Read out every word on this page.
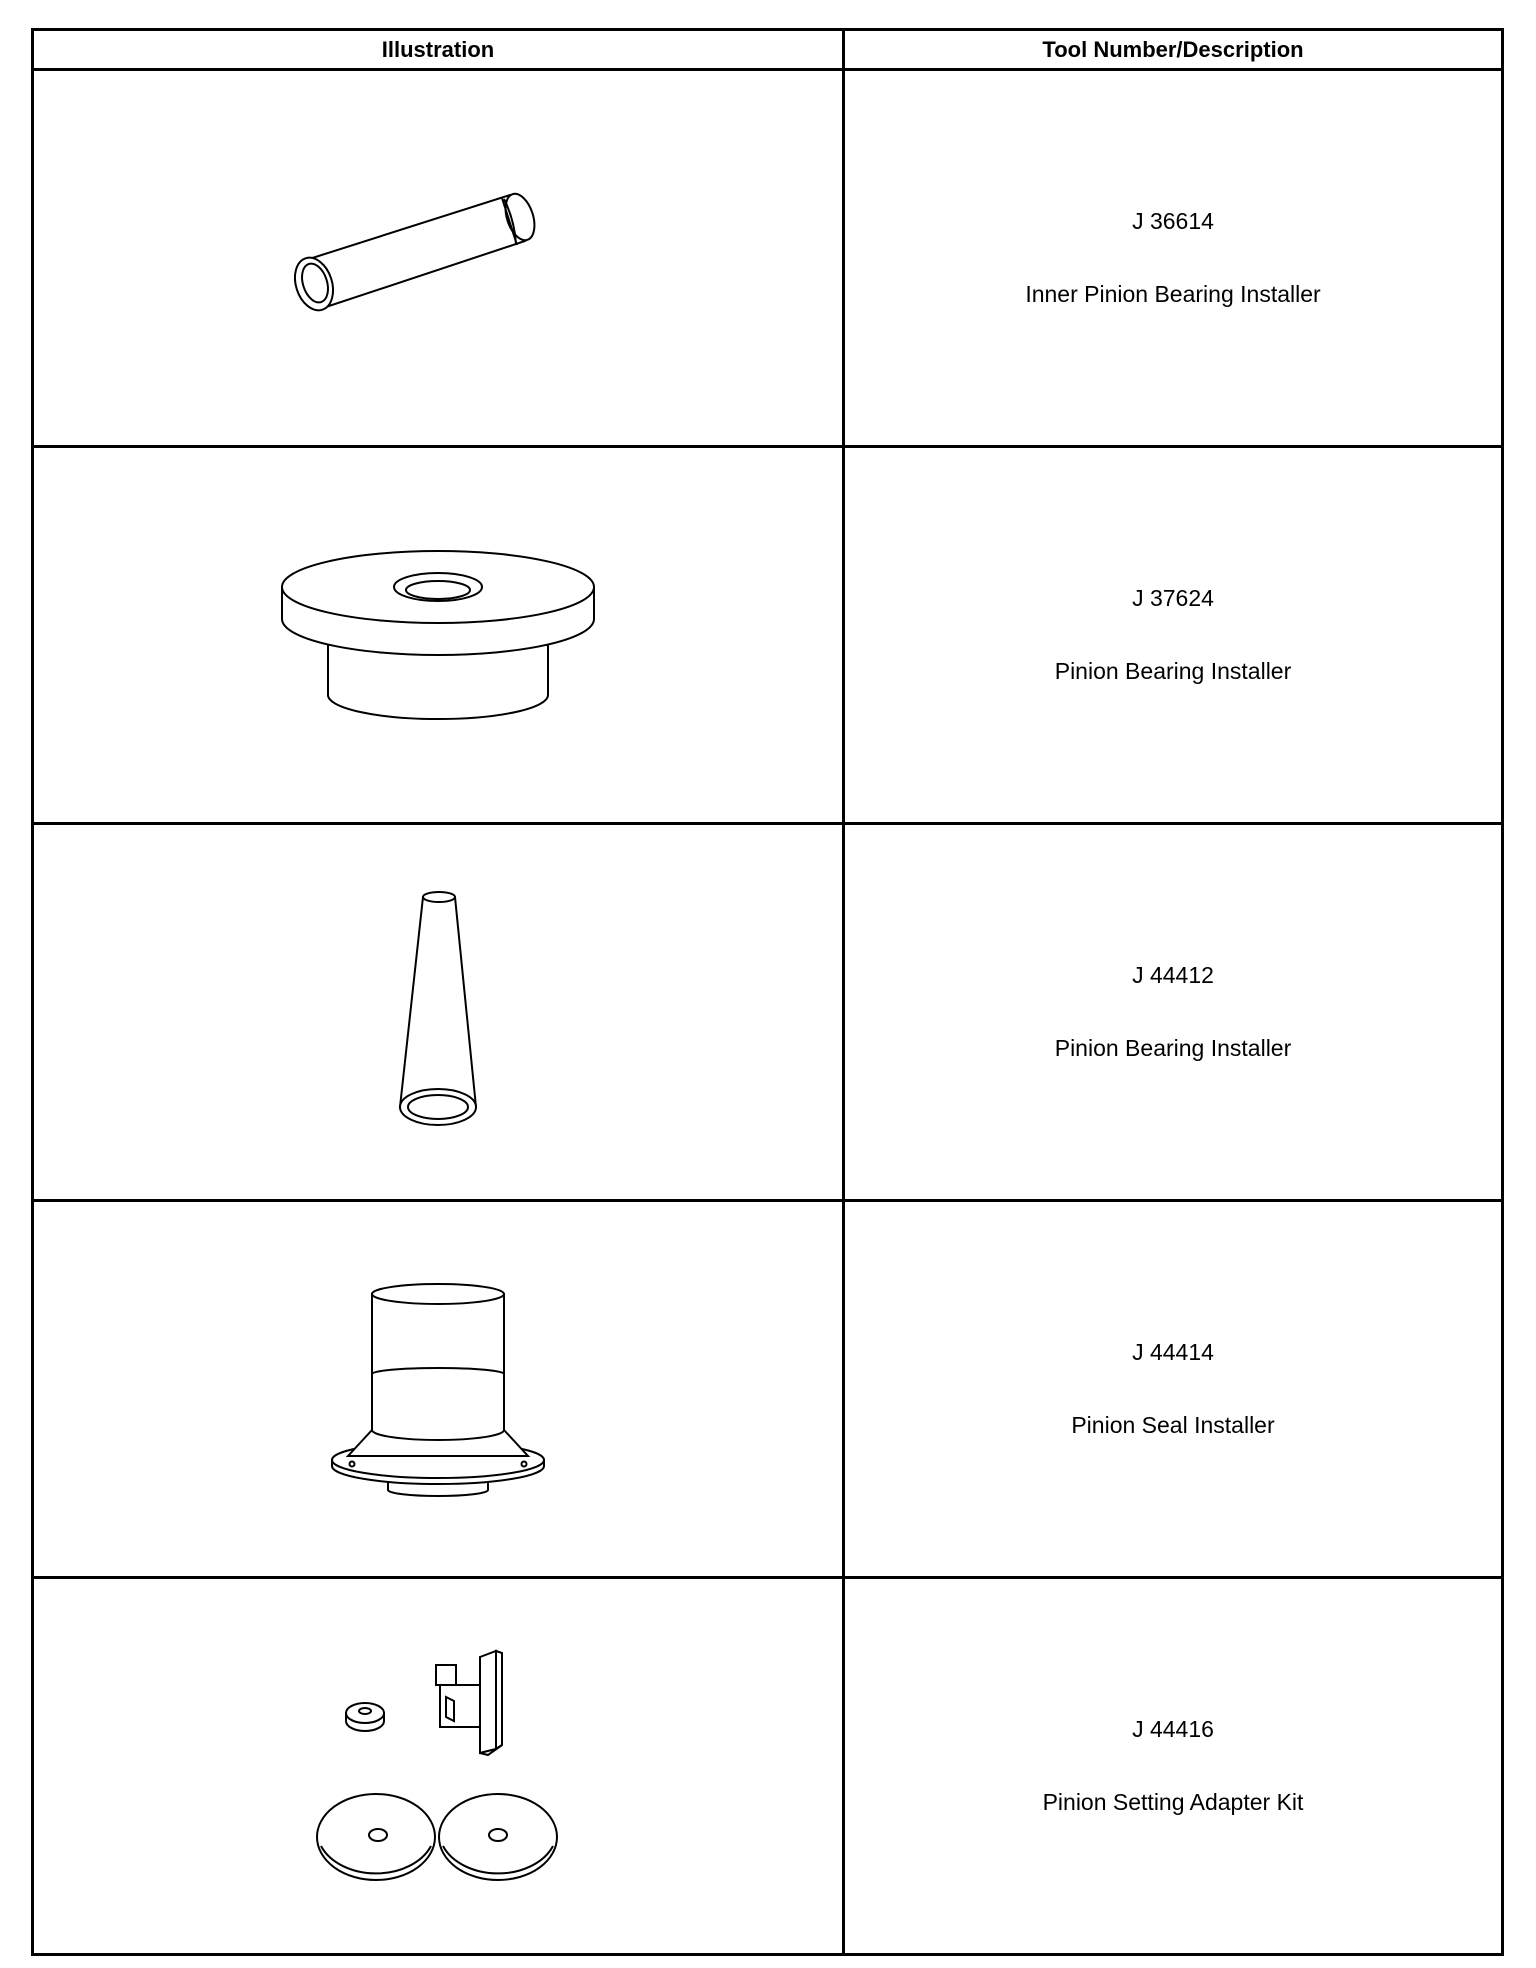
Illustration	Tool Number/Description

J 36614
Inner Pinion Bearing Installer

J 37624
Pinion Bearing Installer

J 44412
Pinion Bearing Installer

J 44414
Pinion Seal Installer

J 44416
Pinion Setting Adapter Kit
